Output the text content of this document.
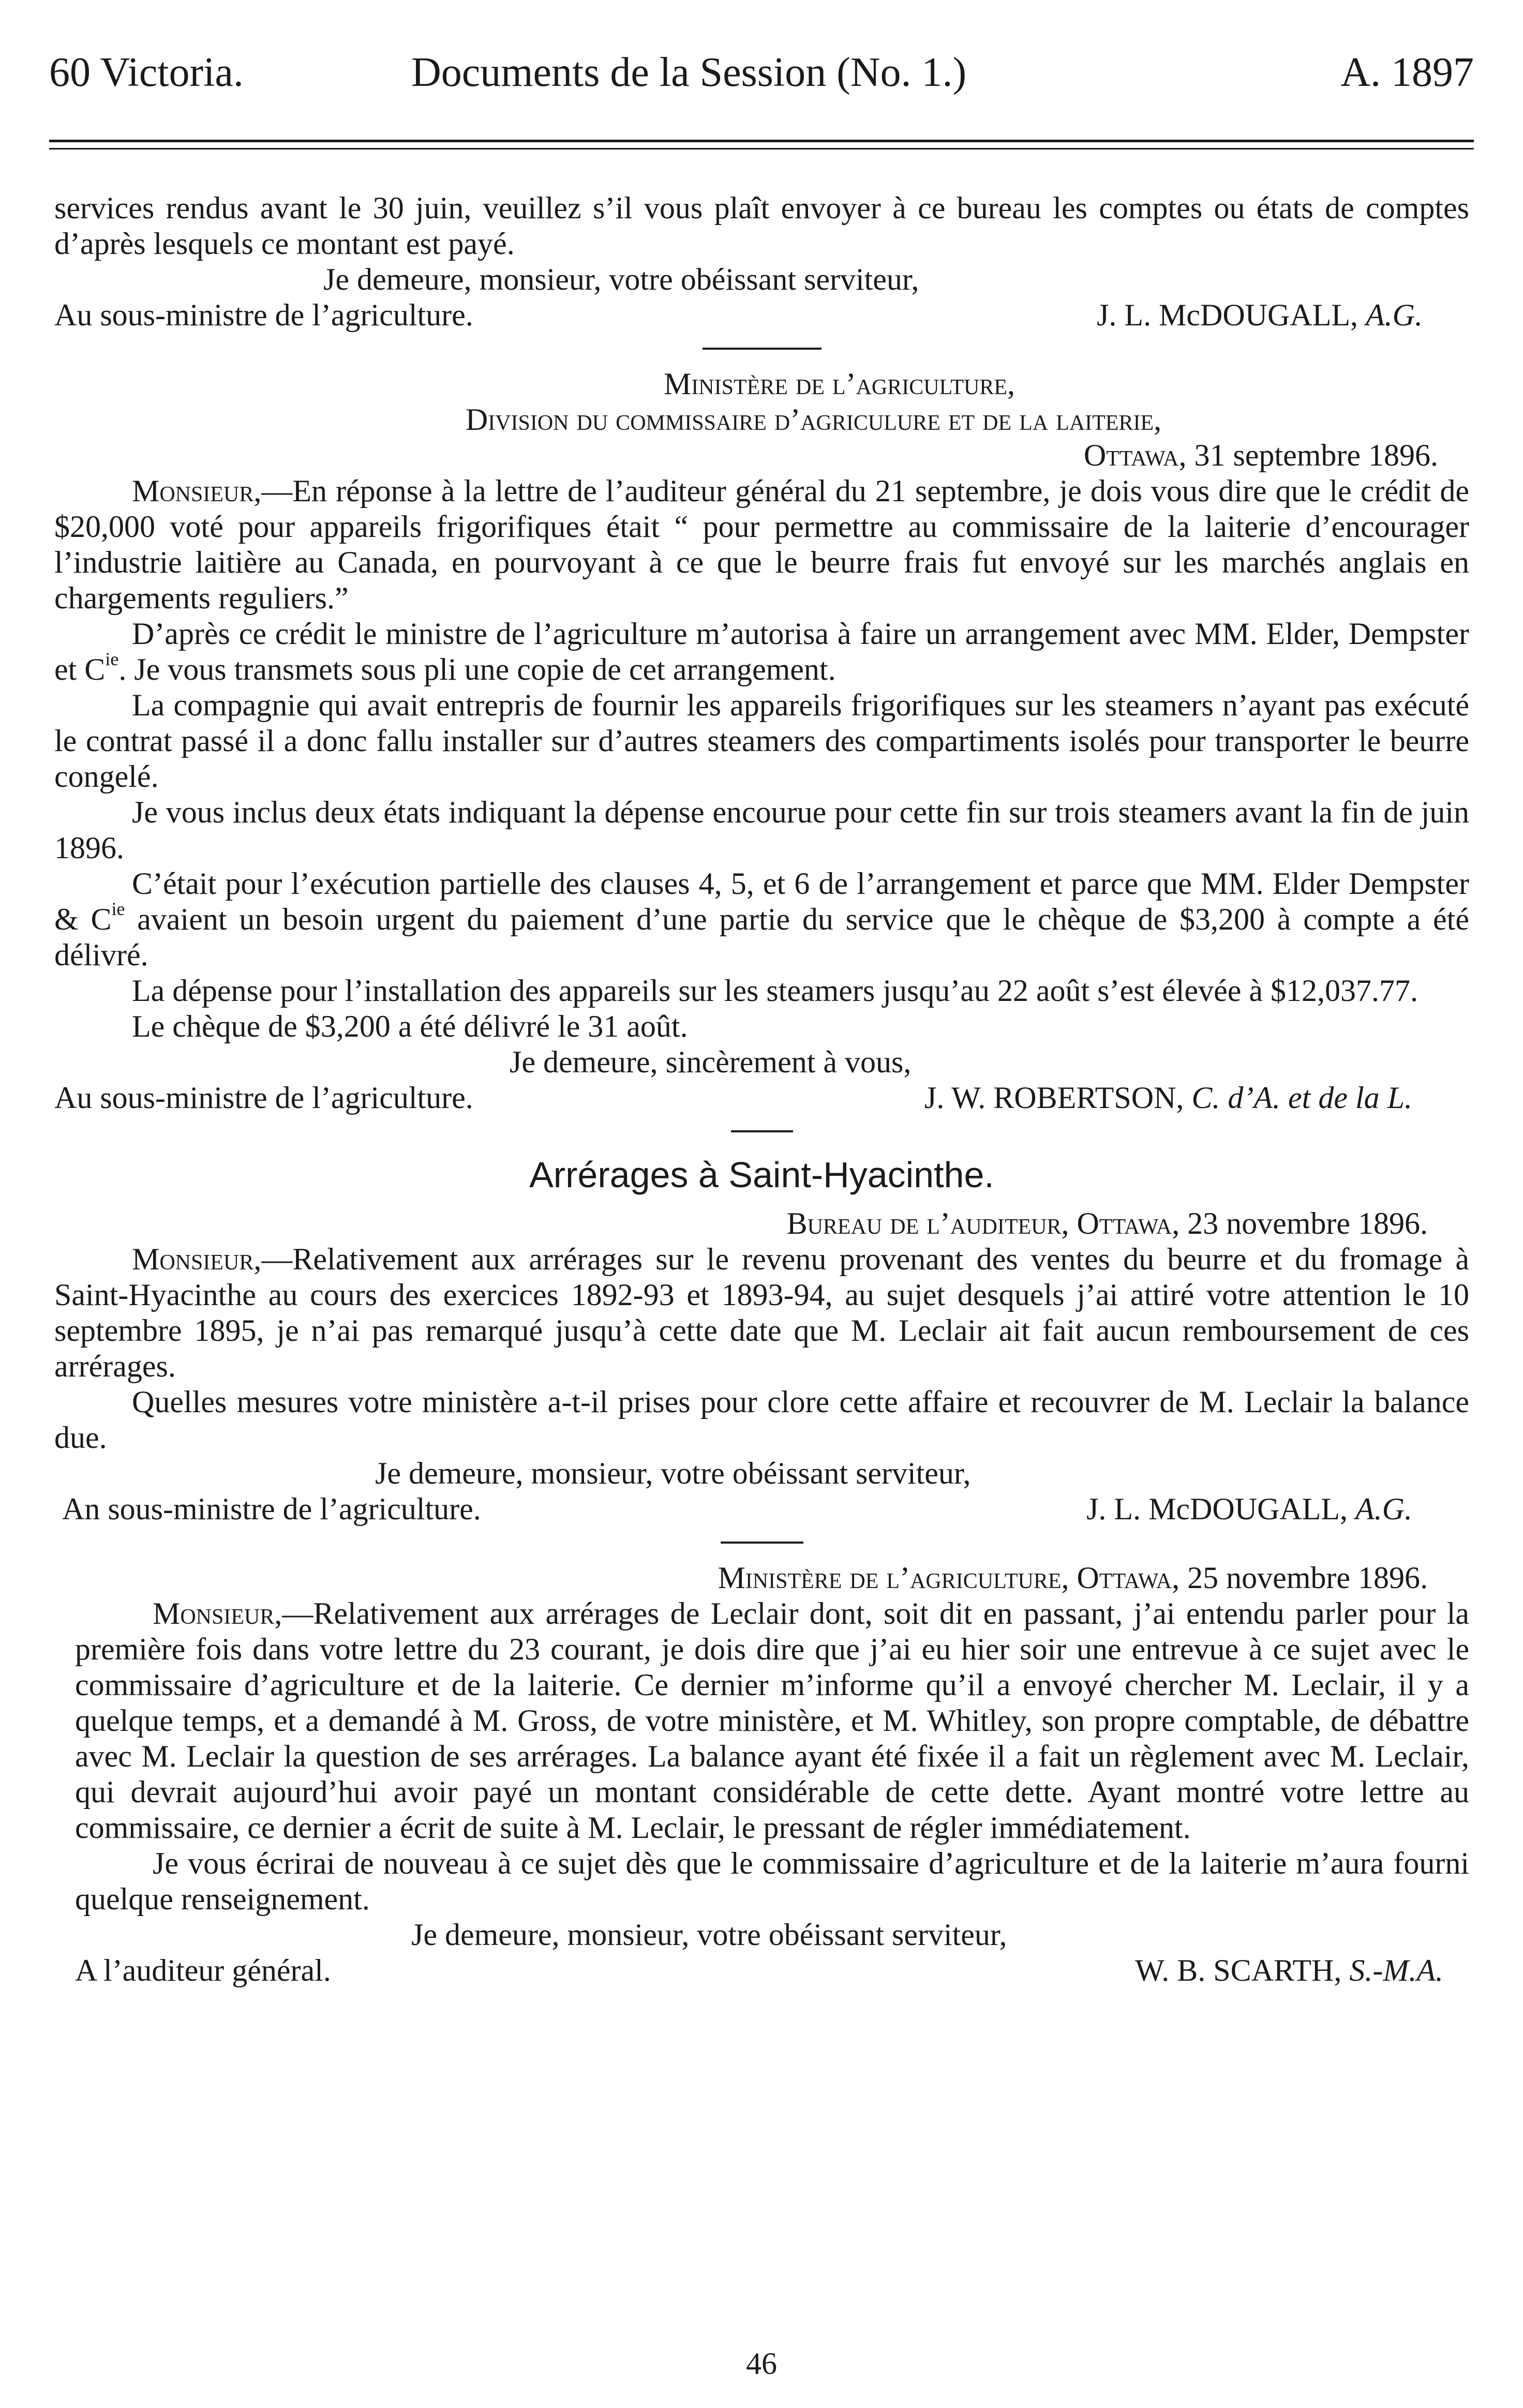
60 Victoria.	Documents de la Session (No. 1.)	A. 1897

services rendus avant le 30 juin, veuillez s’il vous plaît envoyer à ce bureau les comptes ou états de comptes d’après lesquels ce montant est payé.

Je demeure, monsieur, votre obéissant serviteur,

Au sous-ministre de l’agriculture.	J. L. McDOUGALL, A.G.

Ministère de l’agriculture,

Division du commissaire d’agriculure et de la laiterie,

Ottawa, 31 septembre 1896.

Monsieur,—En réponse à la lettre de l’auditeur général du 21 septembre, je dois vous dire que le crédit de $20,000 voté pour appareils frigorifiques était “ pour permettre au commissaire de la laiterie d’encourager l’industrie laitière au Canada, en pourvoyant à ce que le beurre frais fut envoyé sur les marchés anglais en chargements reguliers.”

D’après ce crédit le ministre de l’agriculture m’autorisa à faire un arrangement avec MM. Elder, Dempster et $C^{ie}$. Je vous transmets sous pli une copie de cet arrangement.

La compagnie qui avait entrepris de fournir les appareils frigorifiques sur les steamers n’ayant pas exécuté le contrat passé il a donc fallu installer sur d’autres steamers des compartiments isolés pour transporter le beurre congelé.

Je vous inclus deux états indiquant la dépense encourue pour cette fin sur trois steamers avant la fin de juin 1896.

C’était pour l’exécution partielle des clauses 4, 5, et 6 de l’arrangement et parce que MM. Elder Dempster & $C^{ie}$ avaient un besoin urgent du paiement d’une partie du service que le chèque de $3,200 à compte a été délivré.

La dépense pour l’installation des appareils sur les steamers jusqu’au 22 août s’est élevée à $12,037.77.

Le chèque de $3,200 a été délivré le 31 août.

Je demeure, sincèrement à vous,

Au sous-ministre de l’agriculture.	J. W. ROBERTSON, C. d’A. et de la L.
Arrérages à Saint-Hyacinthe.

Bureau de l’auditeur, Ottawa, 23 novembre 1896.

Monsieur,—Relativement aux arrérages sur le revenu provenant des ventes du beurre et du fromage à Saint-Hyacinthe au cours des exercices 1892-93 et 1893-94, au sujet desquels j’ai attiré votre attention le 10 septembre 1895, je n’ai pas remarqué jusqu’à cette date que M. Leclair ait fait aucun remboursement de ces arrérages.

Quelles mesures votre ministère a-t-il prises pour clore cette affaire et recouvrer de M. Leclair la balance due.

Je demeure, monsieur, votre obéissant serviteur,

An sous-ministre de l’agriculture.	J. L. McDOUGALL, A.G.

Ministère de l’agriculture, Ottawa, 25 novembre 1896.

Monsieur,—Relativement aux arrérages de Leclair dont, soit dit en passant, j’ai entendu parler pour la première fois dans votre lettre du 23 courant, je dois dire que j’ai eu hier soir une entrevue à ce sujet avec le commissaire d’agriculture et de la laiterie. Ce dernier m’informe qu’il a envoyé chercher M. Leclair, il y a quelque temps, et a demandé à M. Gross, de votre ministère, et M. Whitley, son propre comptable, de débattre avec M. Leclair la question de ses arrérages. La balance ayant été fixée il a fait un règlement avec M. Leclair, qui devrait aujourd’hui avoir payé un montant considérable de cette dette. Ayant montré votre lettre au commissaire, ce dernier a écrit de suite à M. Leclair, le pressant de régler immédiatement.

Je vous écrirai de nouveau à ce sujet dès que le commissaire d’agriculture et de la laiterie m’aura fourni quelque renseignement.

Je demeure, monsieur, votre obéissant serviteur,

A l’auditeur général.	W. B. SCARTH, S.-M.A.
46
